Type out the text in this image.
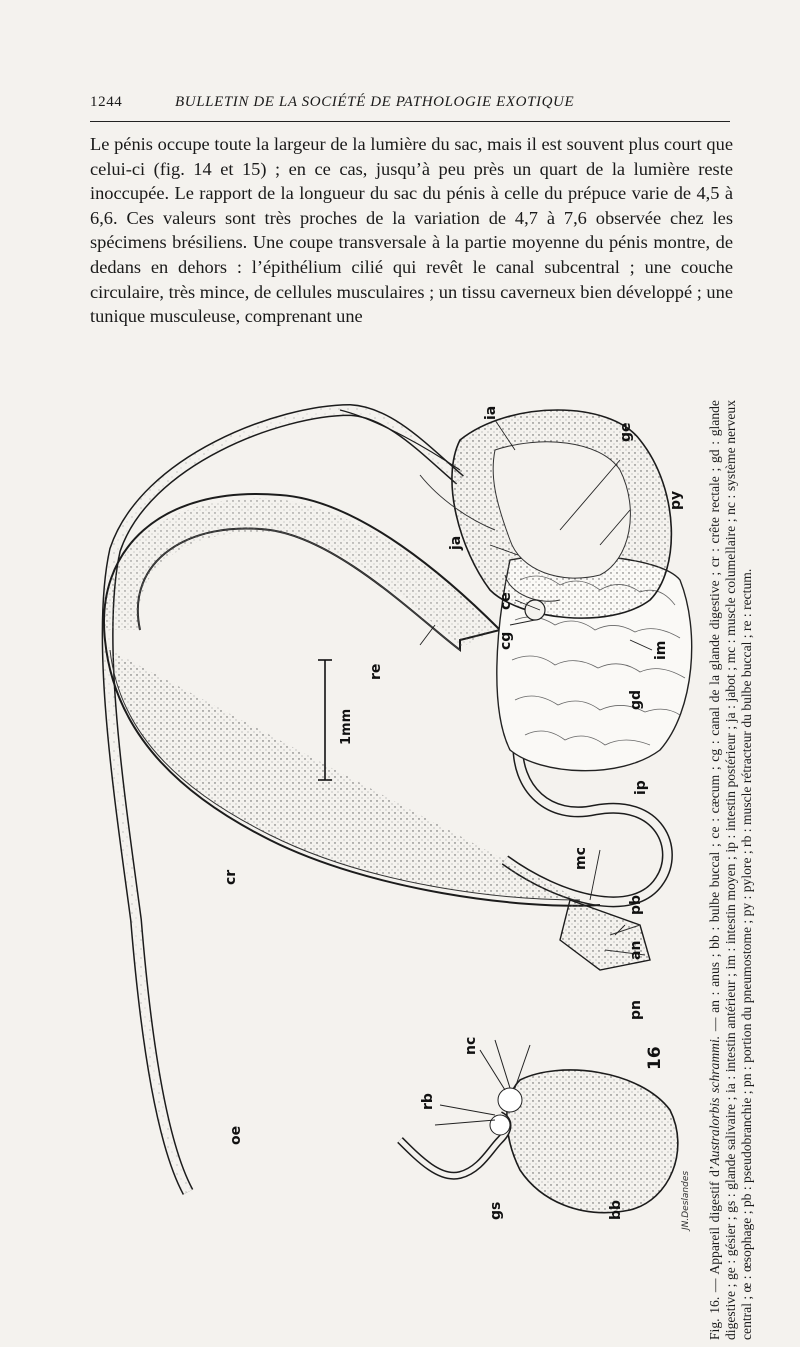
1244	BULLETIN DE LA SOCIÉTÉ DE PATHOLOGIE EXOTIQUE
Le pénis occupe toute la largeur de la lumière du sac, mais il est souvent plus court que celui-ci (fig. 14 et 15) ; en ce cas, jusqu’à peu près un quart de la lumière reste inoccupée. Le rapport de la longueur du sac du pénis à celle du prépuce varie de 4,5 à 6,6. Ces valeurs sont très proches de la variation de 4,7 à 7,6 observée chez les spécimens brésiliens. Une coupe transversale à la partie moyenne du pénis montre, de dedans en dehors : l’épithélium cilié qui revêt le canal subcentral ; une couche circulaire, très mince, de cellules musculaires ; un tissu caverneux bien développé ; une tunique musculeuse, comprenant une
ia
ge
ja
py
ce
cg	im
gd
ip
re
cr
mc
pb
an
pn
nc
rb
oe
gs	bb
1mm
16
JN.Deslandes
Fig. 16. — Appareil digestif d’Australorbis schrammi. — an : anus ; bb : bulbe buccal ; ce : cæcum ; cg : canal de la glande digestive ; cr : crête rectale ; gd : glande digestive ; ge : gésier ; gs : glande salivaire ; ia : intestin antérieur ; im : intestin moyen ; ip : intestin postérieur ; ja : jabot ; mc : muscle columellaire ; nc : système nerveux central ; œ : œsophage ; pb : pseudobranchie ; pn : portion du pneumostome ; py : pylore ; rb : muscle rétracteur du bulbe buccal ; re : rectum.
